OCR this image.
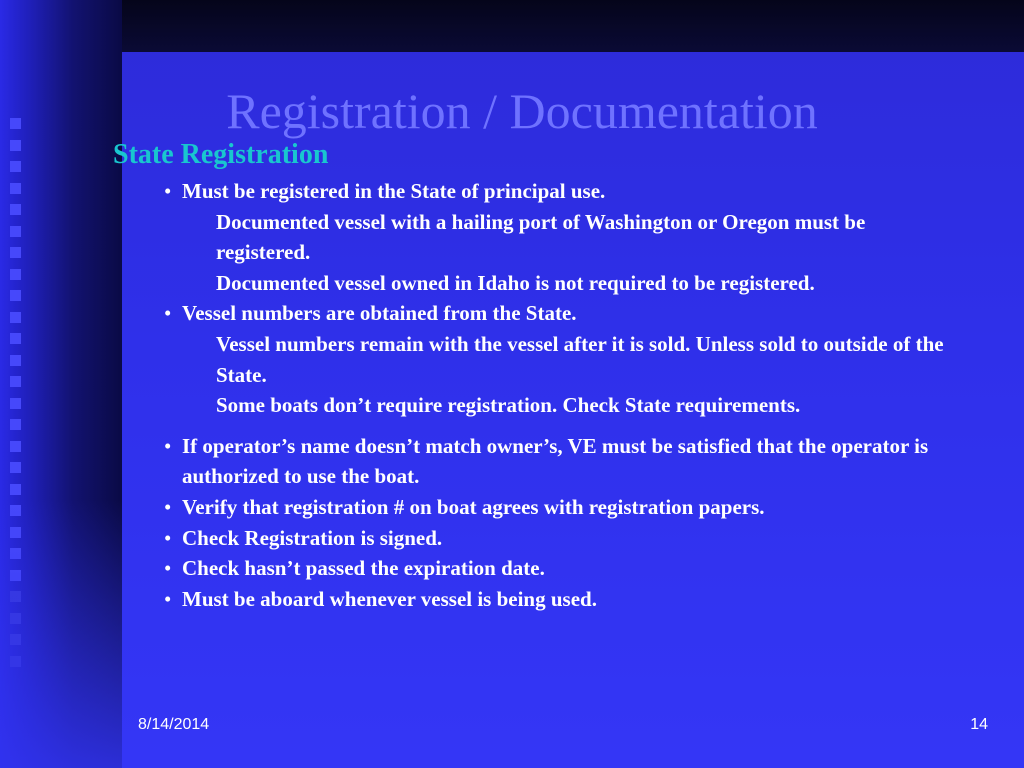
Registration / Documentation
State Registration
• Must be registered in the State of principal use.
Documented vessel with a hailing port of Washington or Oregon must be registered.
Documented vessel owned in Idaho is not required to be registered.
• Vessel numbers are obtained from the State.
Vessel numbers remain with the vessel after it is sold. Unless sold to outside of the State.
Some boats don’t require registration. Check State requirements.
• If operator’s name doesn’t match owner’s, VE must be satisfied that the operator is authorized to use the boat.
• Verify that registration # on boat agrees with registration papers.
• Check Registration is signed.
• Check hasn’t passed the expiration date.
• Must be aboard whenever vessel is being used.
8/14/2014	14
